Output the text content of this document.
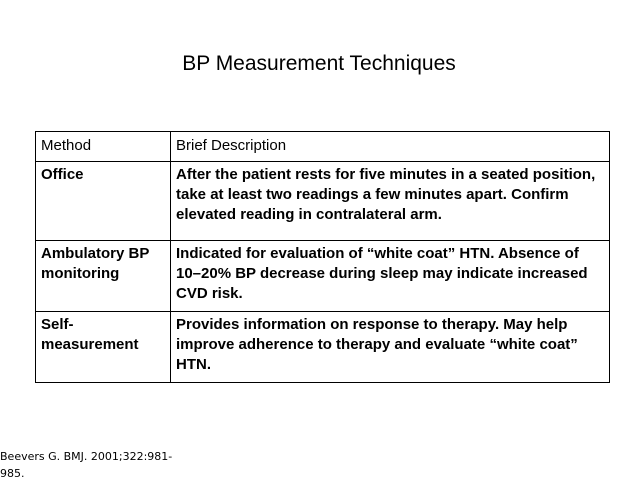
BP Measurement Techniques
Method	Brief Description
Office	After the patient rests for five minutes in a seated position, take at least two readings a few minutes apart. Confirm elevated reading in contralateral arm.

Ambulatory BP monitoring	Indicated for evaluation of “white coat” HTN. Absence of 10–20% BP decrease during sleep may indicate increased CVD risk.

Self-measurement	Provides information on response to therapy. May help improve adherence to therapy and evaluate “white coat” HTN.
Beevers G. BMJ. 2001;322:981-985.
